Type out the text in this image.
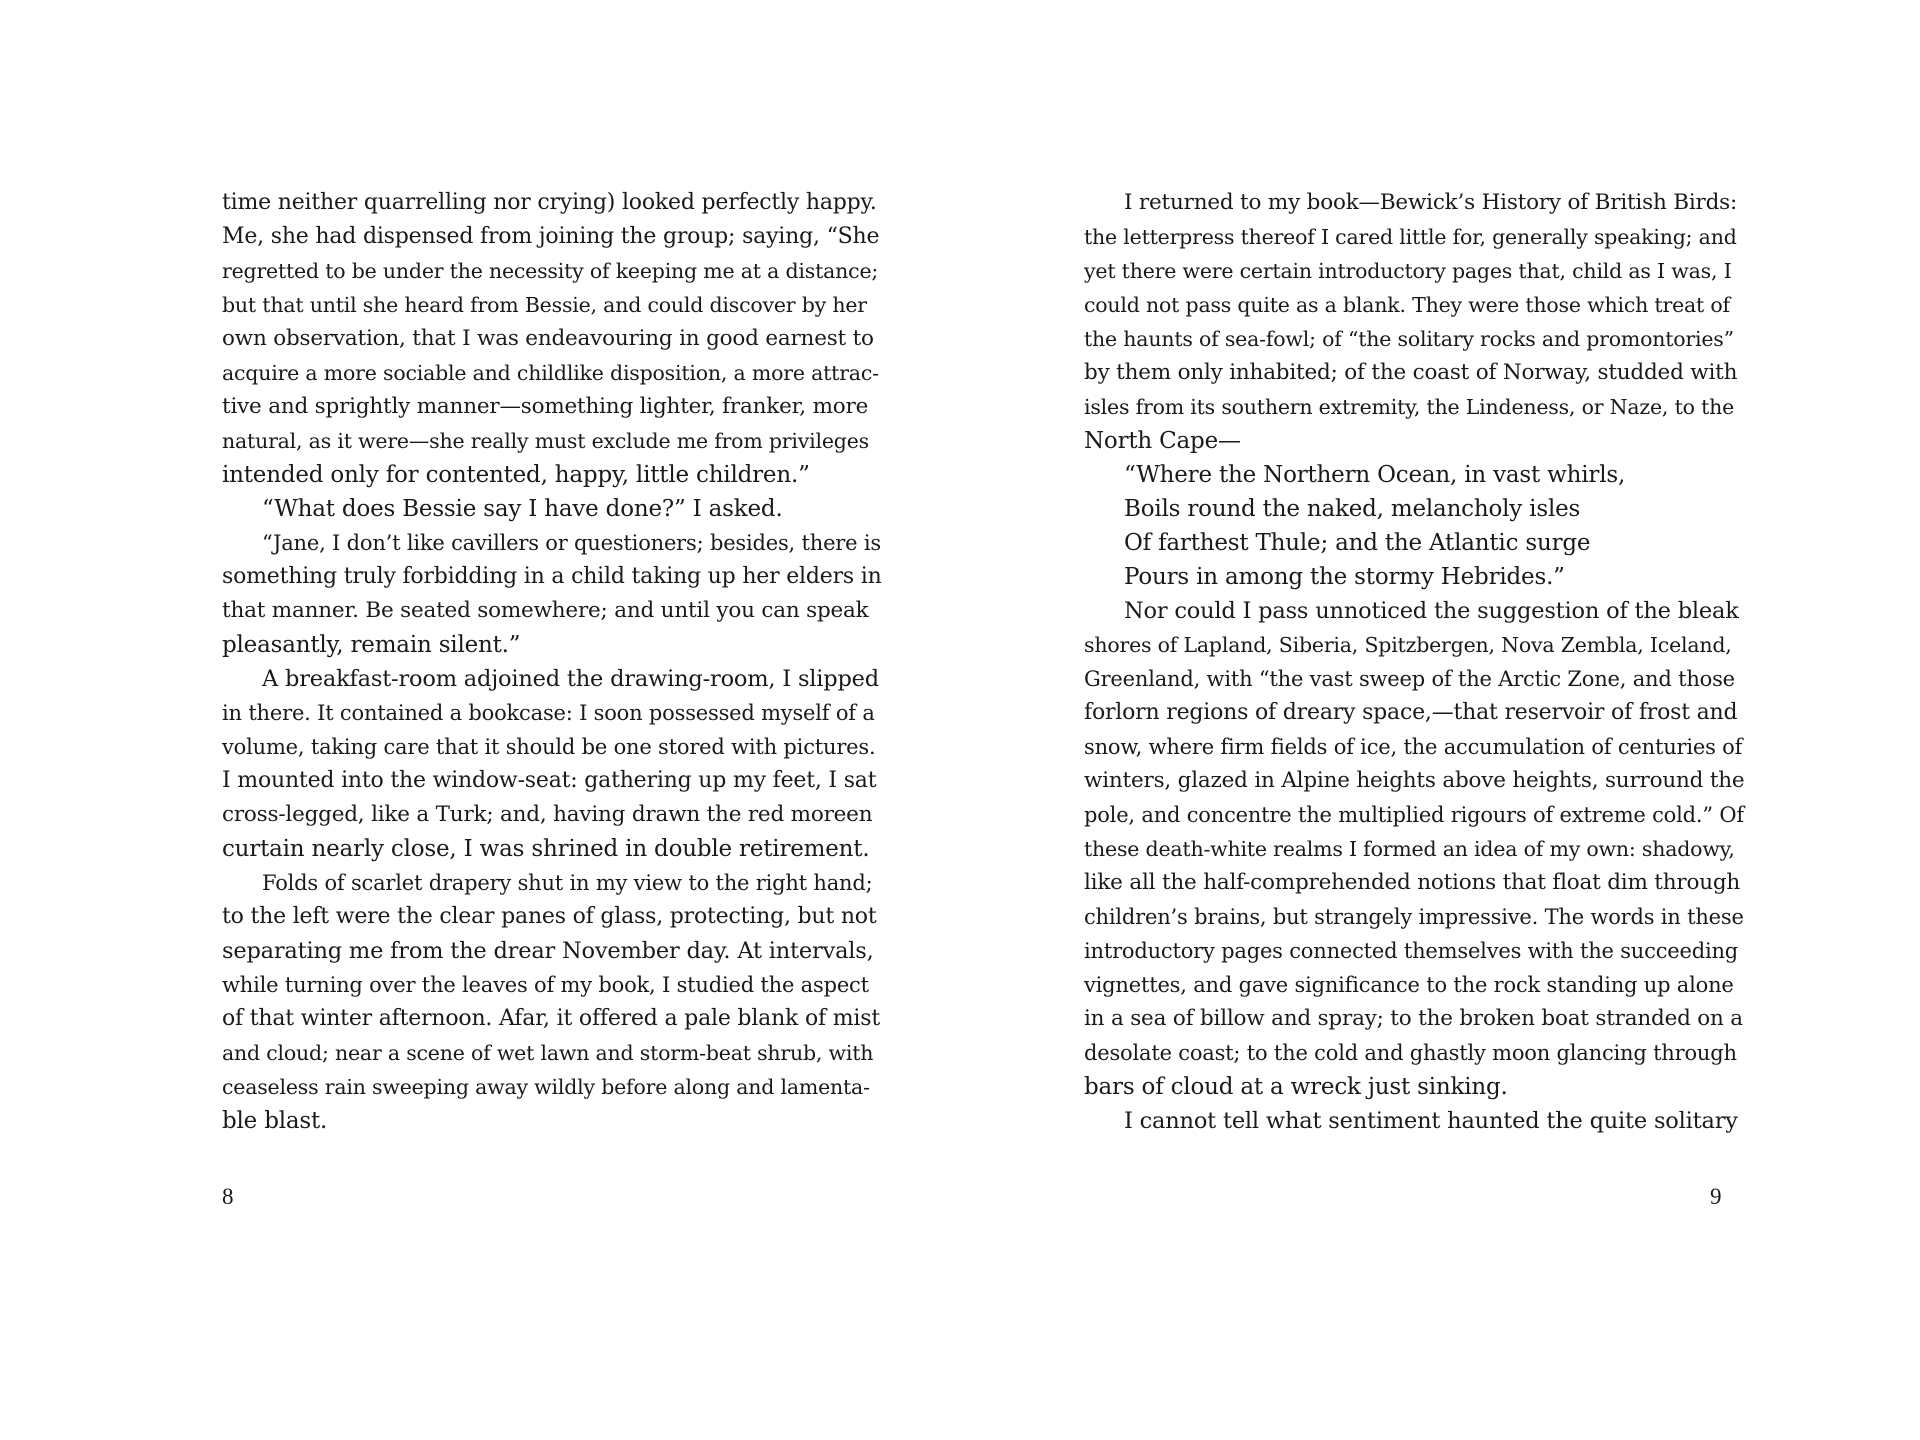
time neither quarrelling nor crying) looked perfectly happy.
Me, she had dispensed from joining the group; saying, “She
regretted to be under the necessity of keeping me at a distance;
but that until she heard from Bessie, and could discover by her
own observation, that I was endeavouring in good earnest to
acquire a more sociable and childlike disposition, a more attrac-
tive and sprightly manner—something lighter, franker, more
natural, as it were—she really must exclude me from privileges
intended only for contented, happy, little children.”
“What does Bessie say I have done?” I asked.
“Jane, I don’t like cavillers or questioners; besides, there is
something truly forbidding in a child taking up her elders in
that manner. Be seated somewhere; and until you can speak
pleasantly, remain silent.”
A breakfast-room adjoined the drawing-room, I slipped
in there. It contained a bookcase: I soon possessed myself of a
volume, taking care that it should be one stored with pictures.
I mounted into the window-seat: gathering up my feet, I sat
cross-legged, like a Turk; and, having drawn the red moreen
curtain nearly close, I was shrined in double retirement.
Folds of scarlet drapery shut in my view to the right hand;
to the left were the clear panes of glass, protecting, but not
separating me from the drear November day. At intervals,
while turning over the leaves of my book, I studied the aspect
of that winter afternoon. Afar, it offered a pale blank of mist
and cloud; near a scene of wet lawn and storm-beat shrub, with
ceaseless rain sweeping away wildly before along and lamenta-
ble blast.
I returned to my book—Bewick’s History of British Birds:
the letterpress thereof I cared little for, generally speaking; and
yet there were certain introductory pages that, child as I was, I
could not pass quite as a blank. They were those which treat of
the haunts of sea-fowl; of “the solitary rocks and promontories”
by them only inhabited; of the coast of Norway, studded with
isles from its southern extremity, the Lindeness, or Naze, to the
North Cape—
“Where the Northern Ocean, in vast whirls,
Boils round the naked, melancholy isles
Of farthest Thule; and the Atlantic surge
Pours in among the stormy Hebrides.”
Nor could I pass unnoticed the suggestion of the bleak
shores of Lapland, Siberia, Spitzbergen, Nova Zembla, Iceland,
Greenland, with “the vast sweep of the Arctic Zone, and those
forlorn regions of dreary space,—that reservoir of frost and
snow, where firm fields of ice, the accumulation of centuries of
winters, glazed in Alpine heights above heights, surround the
pole, and concentre the multiplied rigours of extreme cold.” Of
these death-white realms I formed an idea of my own: shadowy,
like all the half-comprehended notions that float dim through
children’s brains, but strangely impressive. The words in these
introductory pages connected themselves with the succeeding
vignettes, and gave significance to the rock standing up alone
in a sea of billow and spray; to the broken boat stranded on a
desolate coast; to the cold and ghastly moon glancing through
bars of cloud at a wreck just sinking.
I cannot tell what sentiment haunted the quite solitary
8	9
